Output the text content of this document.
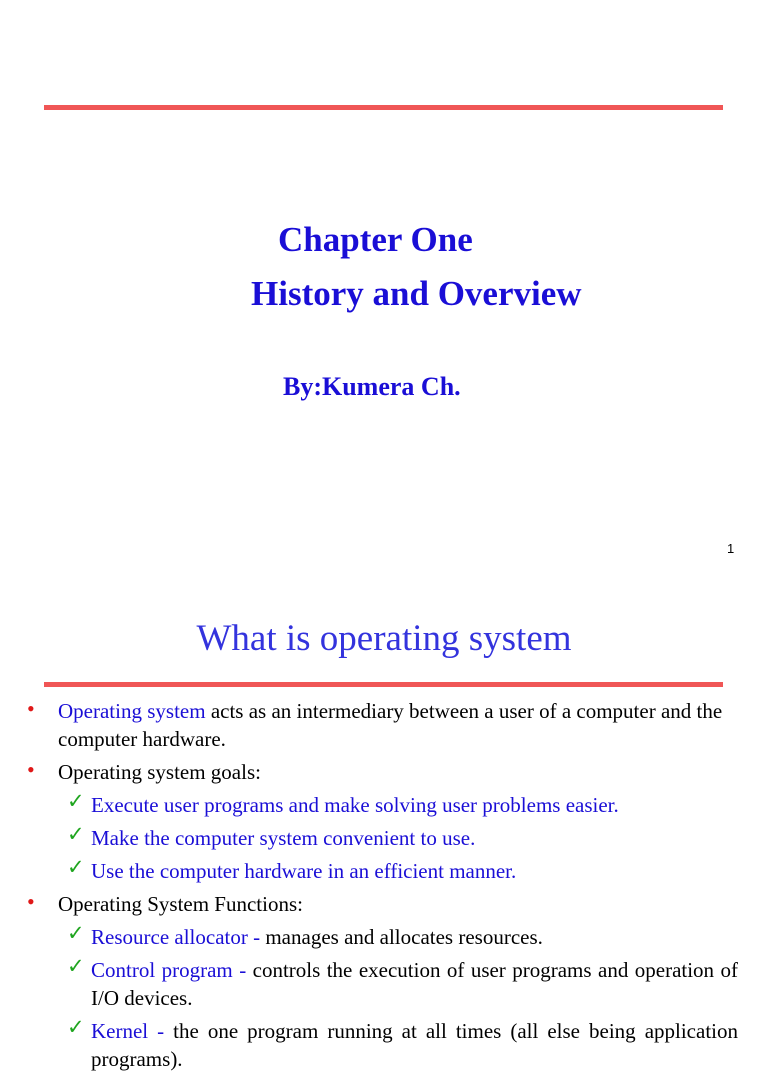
Chapter One
History and Overview
By:Kumera Ch.
1
What is operating system
• Operating system acts as an intermediary between a user of a computer and the computer hardware.
• Operating system goals:
✓ Execute user programs and make solving user problems easier.
✓ Make the computer system convenient to use.
✓ Use the computer hardware in an efficient manner.
• Operating System Functions:
✓ Resource allocator - manages and allocates resources.
✓ Control program - controls the execution of user programs and operation of I/O devices.
✓ Kernel - the one program running at all times (all else being application programs).
